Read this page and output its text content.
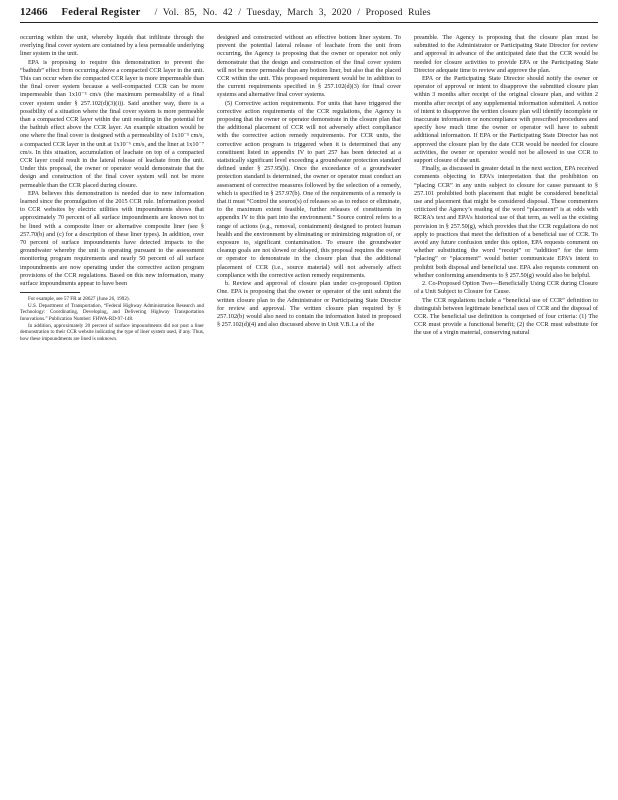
12466 Federal Register / Vol. 85, No. 42 / Tuesday, March 3, 2020 / Proposed Rules

occurring within the unit, whereby liquids that infiltrate through the overlying final cover system are contained by a less permeable underlying liner system in the unit.

EPA is proposing to require this demonstration to prevent the “bathtub” effect from occurring above a compacted CCR layer in the unit. This can occur when the compacted CCR layer is more impermeable than the final cover system because a well-compacted CCR can be more impermeable than 1x10⁻⁵ cm/s (the maximum permeability of a final cover system under § 257.102(d)(3)(i)). Said another way, there is a possibility of a situation where the final cover system is more permeable than a compacted CCR layer within the unit resulting in the potential for the bathtub effect above the CCR layer. An example situation would be one where the final cover is designed with a permeability of 1x10⁻⁵ cm/s, a compacted CCR layer in the unit at 1x10⁻⁶ cm/s, and the liner at 1x10⁻⁷ cm/s. In this situation, accumulation of leachate on top of a compacted CCR layer could result in the lateral release of leachate from the unit. Under this proposal, the owner or operator would demonstrate that the design and construction of the final cover system will not be more permeable than the CCR placed during closure.

EPA believes this demonstration is needed due to new information learned since the promulgation of the 2015 CCR rule. Information posted to CCR websites by electric utilities with impoundments shows that approximately 70 percent of all surface impoundments are known not to be lined with a composite liner or alternative composite liner (see § 257.70(b) and (c) for a description of these liner types). In addition, over 70 percent of surface impoundments have detected impacts to the groundwater whereby the unit is operating pursuant to the assessment monitoring program requirements and nearly 50 percent of all surface impoundments are now operating under the corrective action program provisions of the CCR regulations. Based on this new information, many surface impoundments appear to have been

For example, see 57 FR at 28627 (June 26, 1992).

U.S. Department of Transportation, “Federal Highway Administration Research and Technology: Coordinating, Developing, and Delivering Highway Transportation Innovations.” Publication Number: FHWA-RD-97-148.

In addition, approximately 20 percent of surface impoundments did not post a liner demonstration to their CCR website indicating the type of liner system used, if any. Thus, how these impoundments are lined is unknown.

designed and constructed without an effective bottom liner system. To prevent the potential lateral release of leachate from the unit from occurring, the Agency is proposing that the owner or operator not only demonstrate that the design and construction of the final cover system will not be more permeable than any bottom liner, but also that the placed CCR within the unit. This proposed requirement would be in addition to the current requirements specified in § 257.102(d)(3) for final cover systems and alternative final cover systems.

(5) Corrective action requirements. For units that have triggered the corrective action requirements of the CCR regulations, the Agency is proposing that the owner or operator demonstrate in the closure plan that the additional placement of CCR will not adversely affect compliance with the corrective action remedy requirements. For CCR units, the corrective action program is triggered when it is determined that any constituent listed in appendix IV to part 257 has been detected at a statistically significant level exceeding a groundwater protection standard defined under § 257.95(h). Once the exceedance of a groundwater protection standard is determined, the owner or operator must conduct an assessment of corrective measures followed by the selection of a remedy, which is specified in § 257.97(b). One of the requirements of a remedy is that it must “Control the source(s) of releases so as to reduce or eliminate, to the maximum extent feasible, further releases of constituents in appendix IV to this part into the environment.” Source control refers to a range of actions (e.g., removal, containment) designed to protect human health and the environment by eliminating or minimizing migration of, or exposure to, significant contamination. To ensure the groundwater cleanup goals are not slowed or delayed, this proposal requires the owner or operator to demonstrate in the closure plan that the additional placement of CCR (i.e., source material) will not adversely affect compliance with the corrective action remedy requirements.

b. Review and approval of closure plan under co-proposed Option One. EPA is proposing that the owner or operator of the unit submit the written closure plan to the Administrator or Participating State Director for review and approval. The written closure plan required by § 257.102(b) would also need to contain the information listed in proposed § 257.102(d)(4) and also discussed above in Unit V.B.1.a of the

preamble. The Agency is proposing that the closure plan must be submitted to the Administrator or Participating State Director for review and approval in advance of the anticipated date that the CCR would be needed for closure activities to provide EPA or the Participating State Director adequate time to review and approve the plan.

EPA or the Participating State Director should notify the owner or operator of approval or intent to disapprove the submitted closure plan within 3 months after receipt of the original closure plan, and within 2 months after receipt of any supplemental information submitted. A notice of intent to disapprove the written closure plan will identify incomplete or inaccurate information or noncompliance with prescribed procedures and specify how much time the owner or operator will have to submit additional information. If EPA or the Participating State Director has not approved the closure plan by the date CCR would be needed for closure activities, the owner or operator would not be allowed to use CCR to support closure of the unit.

Finally, as discussed in greater detail in the next section, EPA received comments objecting to EPA’s interpretation that the prohibition on “placing CCR” in any units subject to closure for cause pursuant to § 257.101 prohibited both placement that might be considered beneficial use and placement that might be considered disposal. These commenters criticized the Agency’s reading of the word “placement” is at odds with RCRA’s text and EPA’s historical use of that term, as well as the existing provision in § 257.50(g), which provides that the CCR regulations do not apply to practices that meet the definition of a beneficial use of CCR. To avoid any future confusion under this option, EPA requests comment on whether substituting the word “receipt” or “addition” for the term “placing” or “placement” would better communicate EPA’s intent to prohibit both disposal and beneficial use. EPA also requests comment on whether conforming amendments to § 257.50(g) would also be helpful.

2. Co-Proposed Option Two—Beneficially Using CCR during Closure of a Unit Subject to Closure for Cause.

The CCR regulations include a “beneficial use of CCR” definition to distinguish between legitimate beneficial uses of CCR and the disposal of CCR. The beneficial use definition is comprised of four criteria: (1) The CCR must provide a functional benefit; (2) the CCR must substitute for the use of a virgin material, conserving natural
